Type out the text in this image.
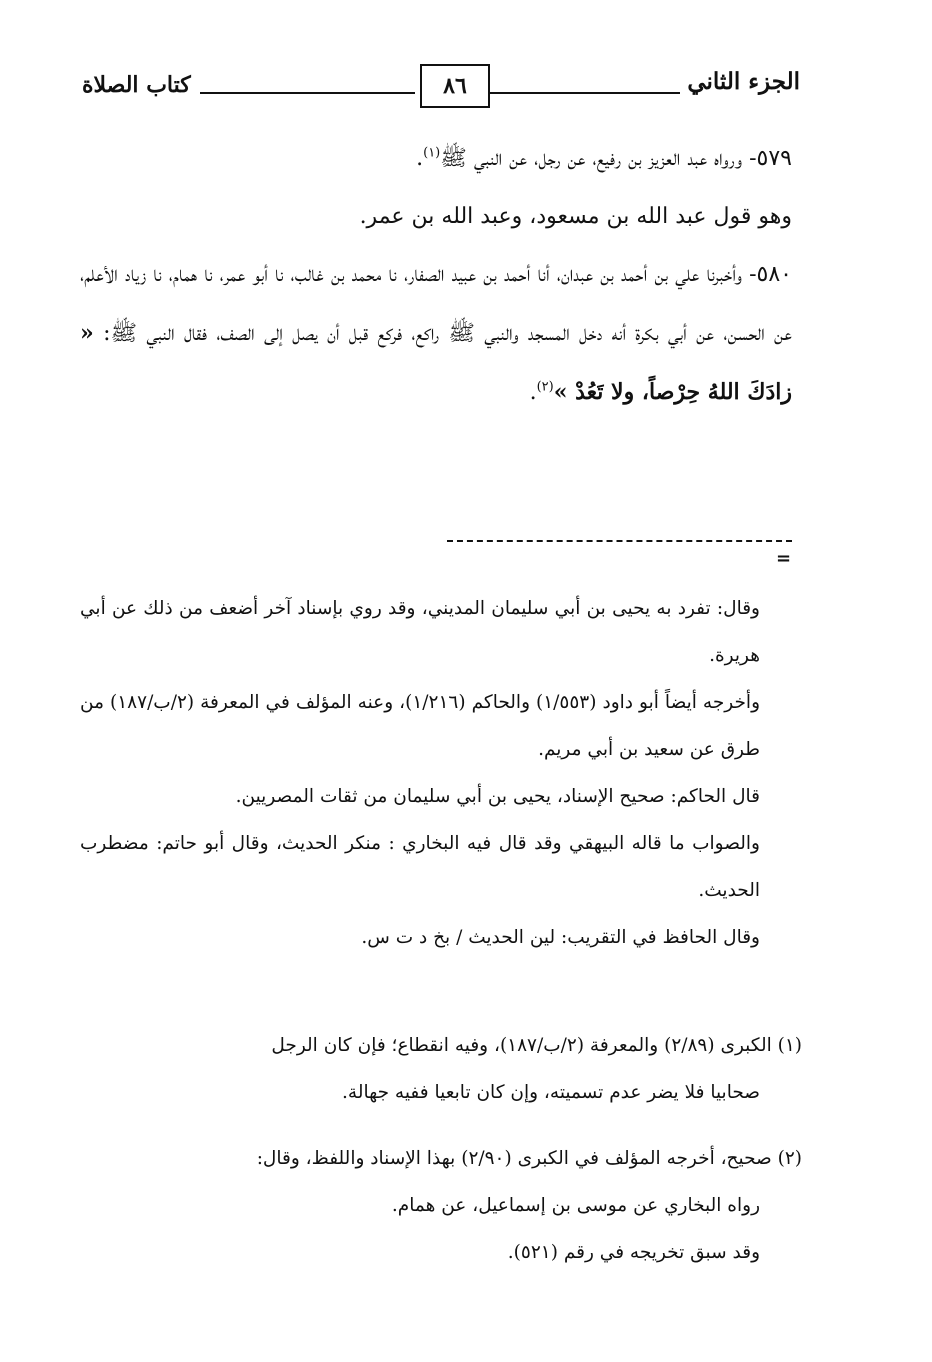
الجزء الثاني
٨٦
كتاب الصلاة

٥٧٩- ورواه عبد العزيز بن رفيع، عن رجل، عن النبي ﷺ$^{(١)}$.

وهو قول عبد الله بن مسعود، وعبد الله بن عمر.

٥٨٠- وأخبرنا علي بن أحمد بن عبدان، أنا أحمد بن عبيد الصفار، نا محمد بن غالب، نا أبو عمر، نا همام، نا زياد الأعلم، عن الحسن، عن أبي بكرة أنه دخل المسجد والنبي ﷺ راكع، فركع قبل أن يصل إلى الصف، فقال النبي ﷺ: « زادَكَ اللهُ حِرْصاً، ولا تَعُدْ »$^{(٢)}$.

=

وقال: تفرد به يحيى بن أبي سليمان المديني، وقد روي بإسناد آخر أضعف من ذلك عن أبي هريرة.

وأخرجه أيضاً أبو داود (١/٥٥٣) والحاكم (١/٢١٦)، وعنه المؤلف في المعرفة (٢/ب/١٨٧) من طرق عن سعيد بن أبي مريم.

قال الحاكم: صحيح الإسناد، يحيى بن أبي سليمان من ثقات المصريين.

والصواب ما قاله البيهقي وقد قال فيه البخاري : منكر الحديث، وقال أبو حاتم: مضطرب الحديث.

وقال الحافظ في التقريب: لين الحديث / بخ د ت س.

(١) الكبرى (٢/٨٩) والمعرفة (٢/ب/١٨٧)، وفيه انقطاع؛ فإن كان الرجل

صحابيا فلا يضر عدم تسميته، وإن كان تابعيا ففيه جهالة.

(٢) صحيح، أخرجه المؤلف في الكبرى (٢/٩٠) بهذا الإسناد واللفظ، وقال:

رواه البخاري عن موسى بن إسماعيل، عن همام.

وقد سبق تخريجه في رقم (٥٢١).
